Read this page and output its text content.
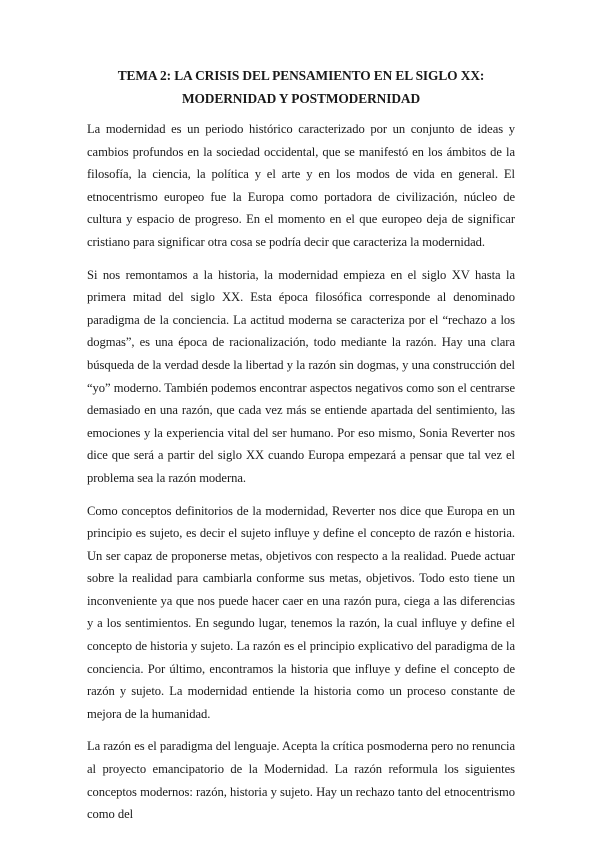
TEMA 2: LA CRISIS DEL PENSAMIENTO EN EL SIGLO XX: MODERNIDAD Y POSTMODERNIDAD

La modernidad es un periodo histórico caracterizado por un conjunto de ideas y cambios profundos en la sociedad occidental, que se manifestó en los ámbitos de la filosofía, la ciencia, la política y el arte y en los modos de vida en general. El etnocentrismo europeo fue la Europa como portadora de civilización, núcleo de cultura y espacio de progreso. En el momento en el que europeo deja de significar cristiano para significar otra cosa se podría decir que caracteriza la modernidad.

Si nos remontamos a la historia, la modernidad empieza en el siglo XV hasta la primera mitad del siglo XX. Esta época filosófica corresponde al denominado paradigma de la conciencia. La actitud moderna se caracteriza por el “rechazo a los dogmas”, es una época de racionalización, todo mediante la razón. Hay una clara búsqueda de la verdad desde la libertad y la razón sin dogmas, y una construcción del “yo” moderno. También podemos encontrar aspectos negativos como son el centrarse demasiado en una razón, que cada vez más se entiende apartada del sentimiento, las emociones y la experiencia vital del ser humano. Por eso mismo, Sonia Reverter nos dice que será a partir del siglo XX cuando Europa empezará a pensar que tal vez el problema sea la razón moderna.

Como conceptos definitorios de la modernidad, Reverter nos dice que Europa en un principio es sujeto, es decir el sujeto influye y define el concepto de razón e historia. Un ser capaz de proponerse metas, objetivos con respecto a la realidad. Puede actuar sobre la realidad para cambiarla conforme sus metas, objetivos. Todo esto tiene un inconveniente ya que nos puede hacer caer en una razón pura, ciega a las diferencias y a los sentimientos. En segundo lugar, tenemos la razón, la cual influye y define el concepto de historia y sujeto. La razón es el principio explicativo del paradigma de la conciencia. Por último, encontramos la historia que influye y define el concepto de razón y sujeto. La modernidad entiende la historia como un proceso constante de mejora de la humanidad.

La razón es el paradigma del lenguaje. Acepta la crítica posmoderna pero no renuncia al proyecto emancipatorio de la Modernidad. La razón reformula los siguientes conceptos modernos: razón, historia y sujeto. Hay un rechazo tanto del etnocentrismo como del
